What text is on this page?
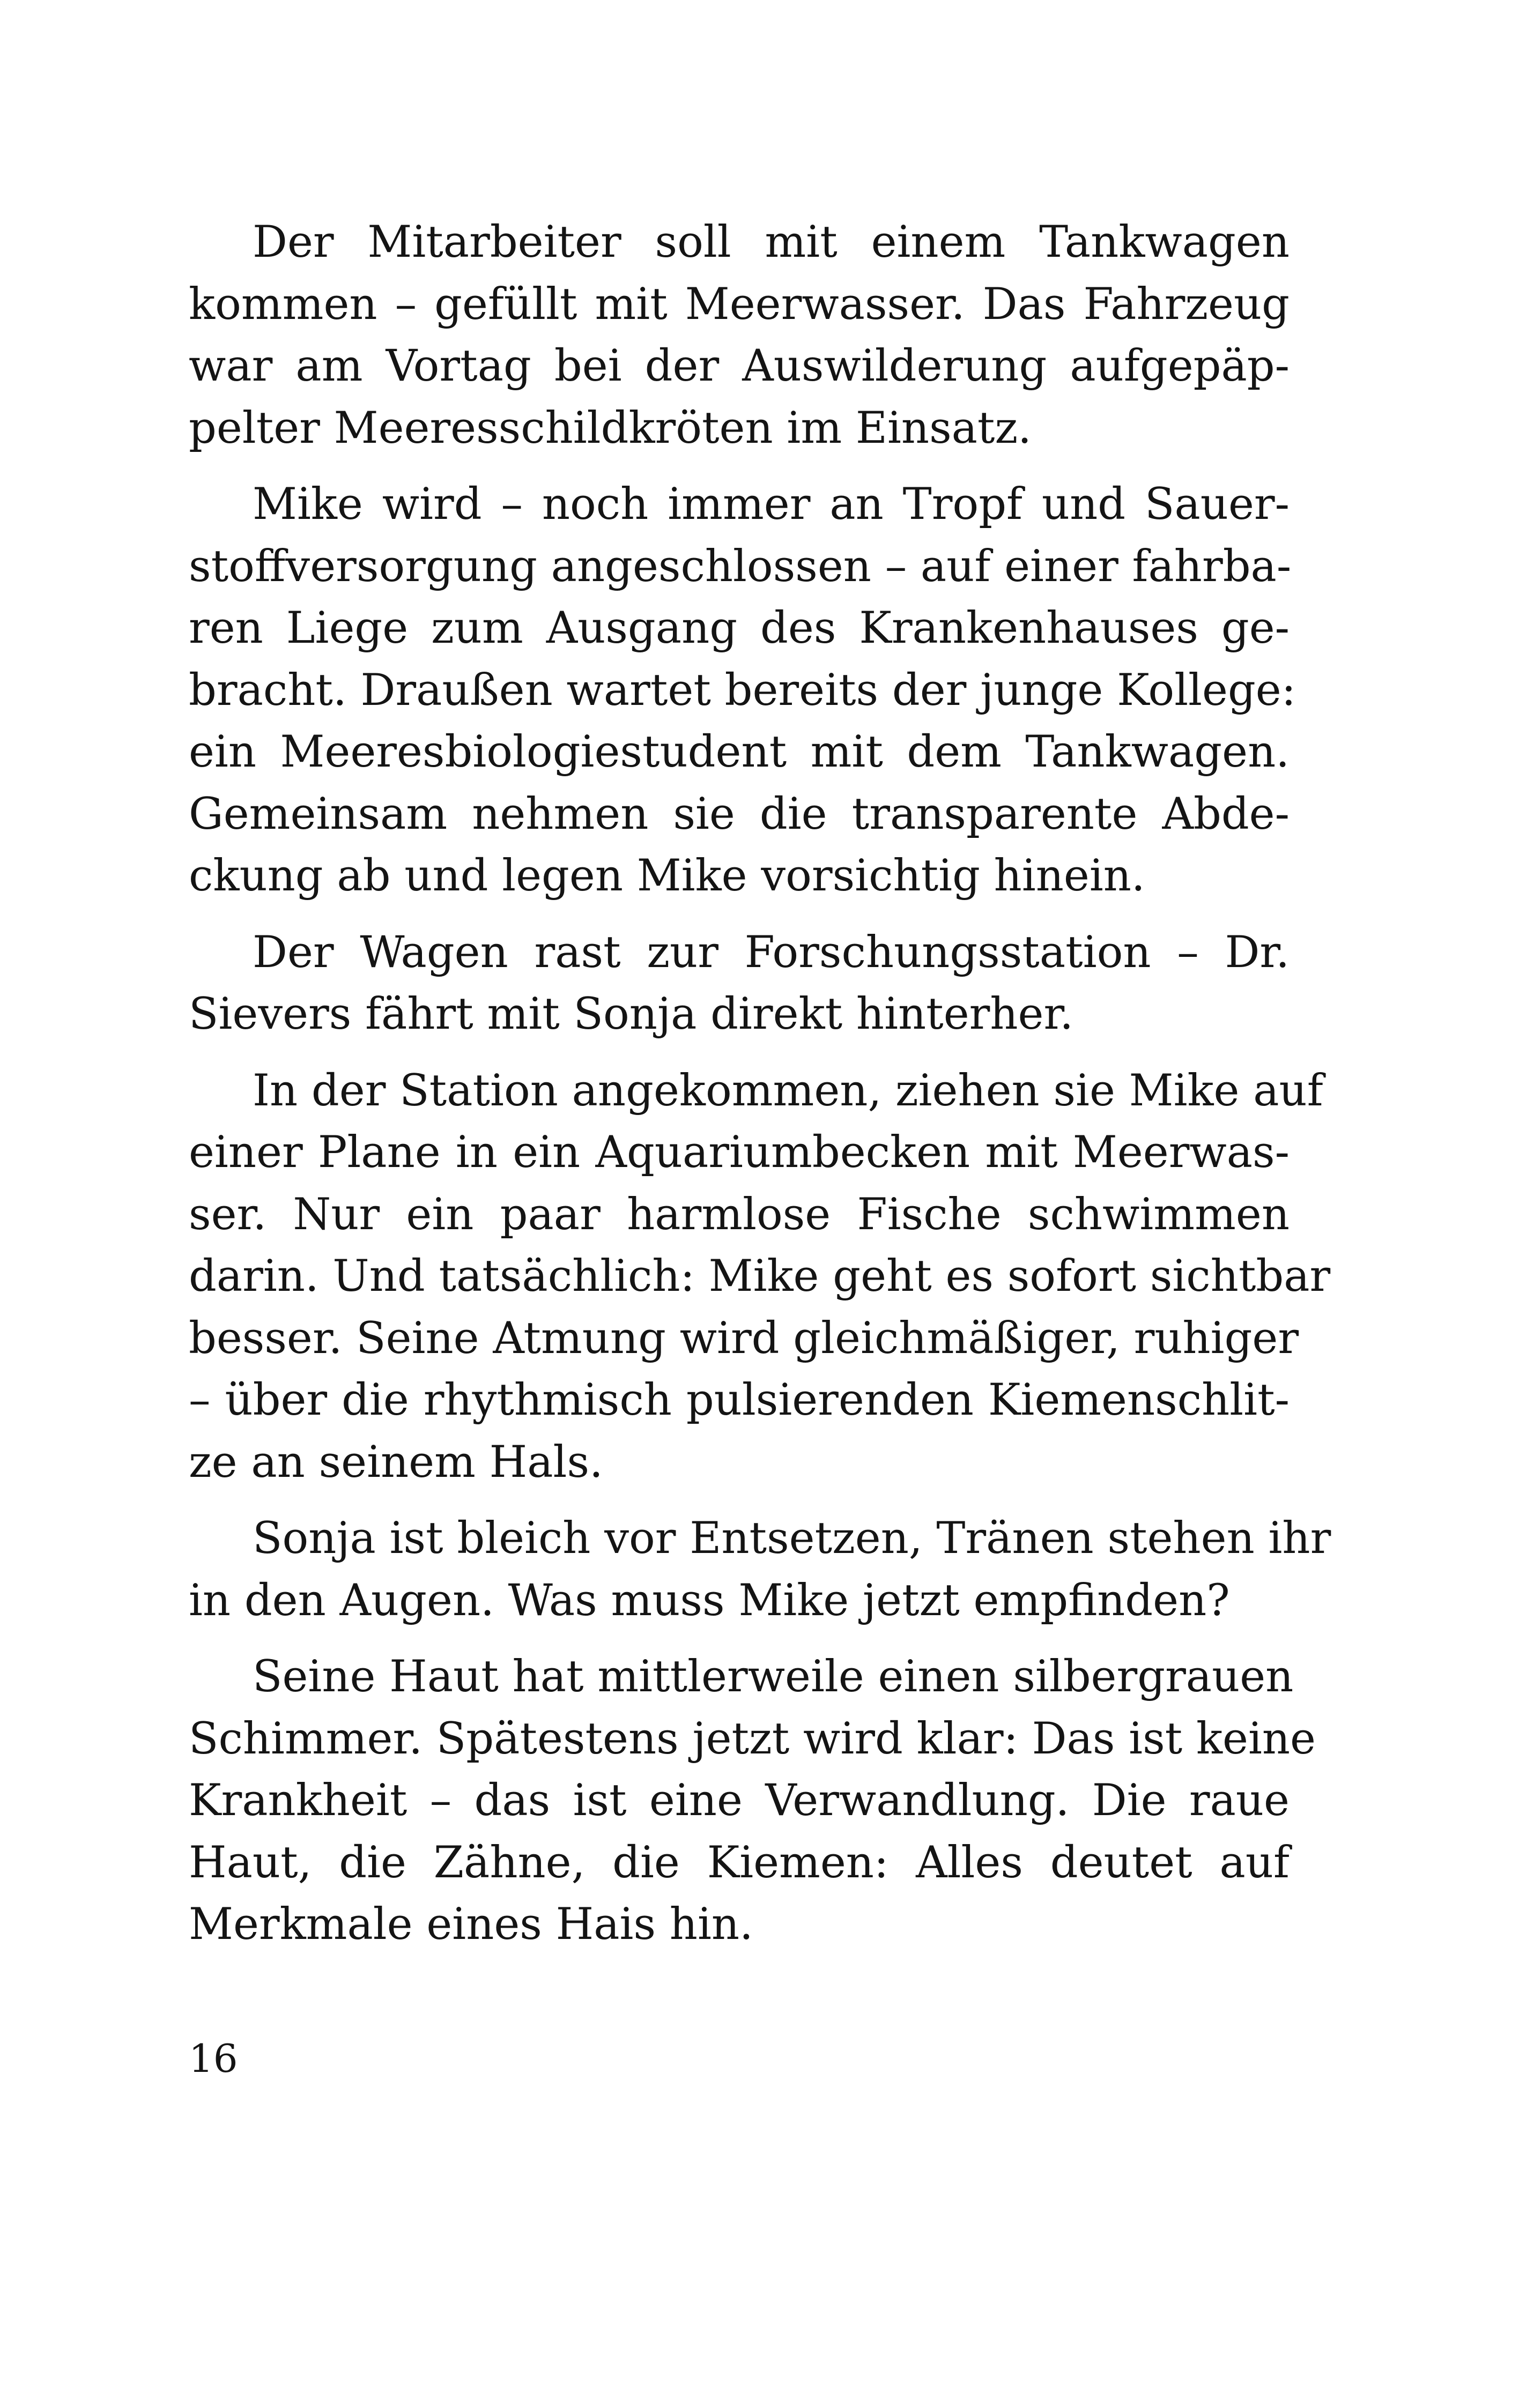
Der Mitarbeiter soll mit einem Tankwagen
kommen – gefüllt mit Meerwasser. Das Fahrzeug
war am Vortag bei der Auswilderung aufgepäp-
pelter Meeresschildkröten im Einsatz.
Mike wird – noch immer an Tropf und Sauer-
stoffversorgung angeschlossen – auf einer fahrba-
ren Liege zum Ausgang des Krankenhauses ge-
bracht. Draußen wartet bereits der junge Kollege:
ein Meeresbiologiestudent mit dem Tankwagen.
Gemeinsam nehmen sie die transparente Abde-
ckung ab und legen Mike vorsichtig hinein.
Der Wagen rast zur Forschungsstation – Dr.
Sievers fährt mit Sonja direkt hinterher.
In der Station angekommen, ziehen sie Mike auf
einer Plane in ein Aquariumbecken mit Meerwas-
ser. Nur ein paar harmlose Fische schwimmen
darin. Und tatsächlich: Mike geht es sofort sichtbar
besser. Seine Atmung wird gleichmäßiger, ruhiger
– über die rhythmisch pulsierenden Kiemenschlit-
ze an seinem Hals.
Sonja ist bleich vor Entsetzen, Tränen stehen ihr
in den Augen. Was muss Mike jetzt empfinden?
Seine Haut hat mittlerweile einen silbergrauen
Schimmer. Spätestens jetzt wird klar: Das ist keine
Krankheit – das ist eine Verwandlung. Die raue
Haut, die Zähne, die Kiemen: Alles deutet auf
Merkmale eines Hais hin.
16
